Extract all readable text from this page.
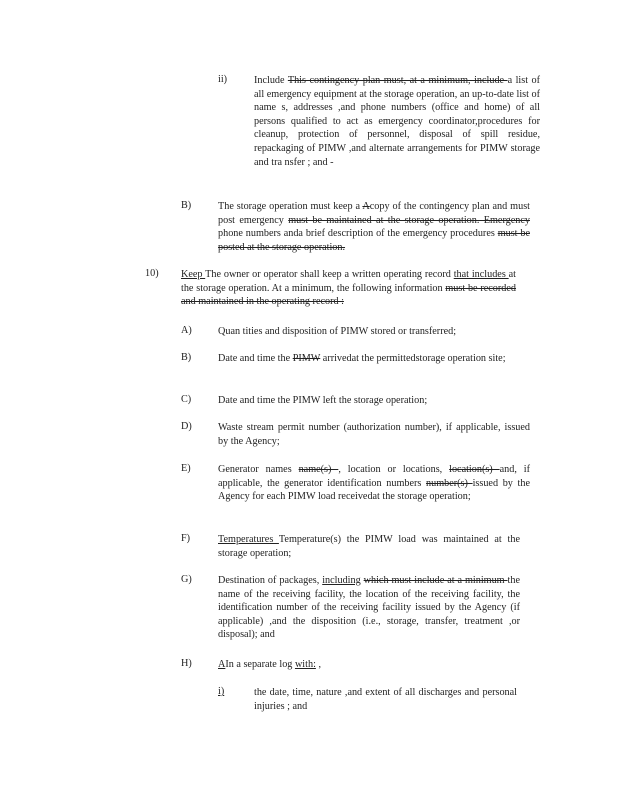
ii)	Include This contingency plan must, at a minimum, include a list of all emergency equipment at the storage operation, an up-to-date list of name s, addresses ,and phone numbers (office and home) of all persons qualified to act as emergency coordinator,procedures for cleanup, protection of personnel, disposal of spill residue, repackaging of PIMW ,and alternate arrangements for PIMW storage and tra nsfer ; and -
B)	The storage operation must keep a Acopy of the contingency plan and must post emergency must be maintained at the storage operation. Emergency phone numbers anda brief description of the emergency procedures must be posted at the storage operation.
10) Keep The owner or operator shall keep a written operating record that includes at the storage operation. At a minimum, the following information must be recorded and maintained in the operating record :
A)	Quan tities and disposition of PIMW stored or transferred;
B)	Date and time the PIMW arrivedat the permittedstorage operation site;
C)	Date and time the PIMW left the storage operation;
D)	Waste stream permit number (authorization number), if applicable, issued by the Agency;
E)	Generator names name(s) , location or locations, location(s) and, if applicable, the generator identification numbers number(s) issued by the Agency for each PIMW load receivedat the storage operation;
F)	Temperatures Temperature(s) the PIMW load was maintained at the storage operation;
G)	Destination of packages, including which must include at a minimum the name of the receiving facility, the location of the receiving facility, the identification number of the receiving facility issued by the Agency (if applicable) ,and the disposition (i.e., storage, transfer, treatment ,or disposal); and
H)	AIn a separate log with: ,
i)	the date, time, nature ,and extent of all discharges and personal injuries ; and
